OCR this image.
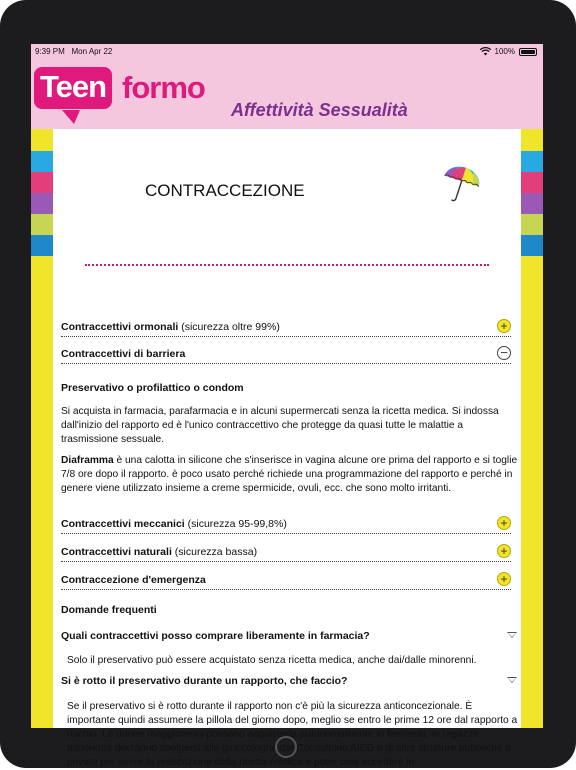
9:39 PM Mon Apr 22	100%
Teen formo
Affettività Sessualità
CONTRACCEZIONE
Contraccettivi ormonali (sicurezza oltre 99%)	+
Contraccettivi di barriera	−
Preservativo o profilattico o condom
Si acquista in farmacia, parafarmacia e in alcuni supermercati senza la ricetta medica. Si indossa dall'inizio del rapporto ed è l'unico contraccettivo che protegge da quasi tutte le malattie a trasmissione sessuale.
Diaframma è una calotta in silicone che s'inserisce in vagina alcune ore prima del rapporto e si toglie 7/8 ore dopo il rapporto. è poco usato perché richiede una programmazione del rapporto e perché in genere viene utilizzato insieme a creme spermicide, ovuli, ecc. che sono molto irritanti.
Contraccettivi meccanici (sicurezza 95-99,8%)	+
Contraccettivi naturali (sicurezza bassa)	+
Contraccezione d'emergenza	+
Domande frequenti
Quali contraccettivi posso comprare liberamente in farmacia?
Solo il preservativo può essere acquistato senza ricetta medica, anche dai/dalle minorenni.
Si è rotto il preservativo durante un rapporto, che faccio?
Se il preservativo si è rotto durante il rapporto non c'è più la sicurezza anticoncezionale. È importante quindi assumere la pillola del giorno dopo, meglio se entro le prime 12 ore dal rapporto a rischio. Le donne maggiorenni possono acquistarla autonomamente in farmacia, le ragazze minorenni dovranno rivolgersi alle ginecologhe del Consultorio AIED o di altre strutture pubbliche o private per avere la prescrizione della ricetta medica e poter così accedere in
